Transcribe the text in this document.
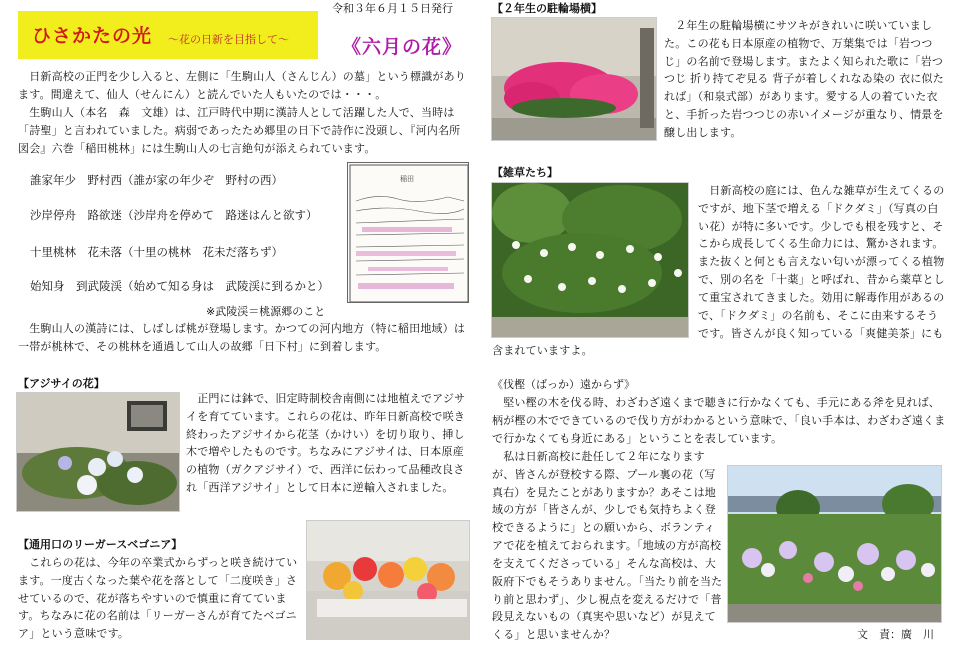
ひさかたの光 〜花の日新を目指して〜
令和３年６月１５日発行
《六月の花》
　日新高校の正門を少し入ると、左側に「生駒山人（さんじん）の墓」という標識があります。間違えて、仙人（せんにん）と読んでいた人もいたのでは・・・。
　生駒山人（本名　森　文雄）は、江戸時代中期に漢詩人として活躍した人で、当時は「詩聖」と言われていました。病弱であったため郷里の日下で詩作に没頭し、『河内名所図会』六巻「稲田桃林」には生駒山人の七言絶句が添えられています。
誰家年少　野村西（誰が家の年少ぞ　野村の西）
沙岸停舟　路欲迷（沙岸舟を停めて　路迷はんと欲す）
十里桃林　花未落（十里の桃林　花未だ落ちず）
始知身　到武陵渓（始めて知る身は　武陵渓に到るかと）
※武陵渓＝桃源郷のこと
稲田
　生駒山人の漢詩には、しばしば桃が登場します。かつての河内地方（特に稲田地域）は一帯が桃林で、その桃林を通過して山人の故郷「日下村」に到着します。
【アジサイの花】
　正門には鉢で、旧定時制校舎南側には地植えでアジサイを育てています。これらの花は、昨年日新高校で咲き終わったアジサイから花茎（かけい）を切り取り、挿し木で増やしたものです。ちなみにアジサイは、日本原産の植物（ガクアジサイ）で、西洋に伝わって品種改良され「西洋アジサイ」として日本に逆輸入されました。
【通用口のリーガースベゴニア】
　これらの花は、今年の卒業式からずっと咲き続けています。一度古くなった葉や花を落として「二度咲き」させているので、花が落ちやすいので慎重に育てています。ちなみに花の名前は「リーガーさんが育てたベゴニア」という意味です。
【２年生の駐輪場横】
　２年生の駐輪場横にサツキがきれいに咲いていました。この花も日本原産の植物で、万葉集では「岩つつじ」の名前で登場します。またよく知られた歌に「岩つつじ 折り持てぞ見る 背子が着しくれなゐ染の 衣に似たれば」（和泉式部）があります。愛する人の着ていた衣と、手折った岩つつじの赤いイメージが重なり、情景を醸し出します。
【雑草たち】
　日新高校の庭には、色んな雑草が生えてくるのですが、地下茎で増える「ドクダミ」（写真の白い花）が特に多いです。少しでも根を残すと、そこから成長してくる生命力には、驚かされます。また抜くと何とも言えない匂いが漂ってくる植物で、別の名を「十薬」と呼ばれ、昔から薬草として重宝されてきました。効用に解毒作用があるので、「ドクダミ」の名前も、そこに由来するそうです。皆さんが良く知っている「爽健美茶」にも含まれていますよ。
《伐樫（ばっか）遠からず》
　堅い樫の木を伐る時、わざわざ遠くまで聴きに行かなくても、手元にある斧を見れば、柄が樫の木でできているので伐り方がわかるという意味で、「良い手本は、わざわざ遠くまで行かなくても身近にある」ということを表しています。
　私は日新高校に赴任して２年になりますが、皆さんが登校する際、プール裏の花（写真右）を見たことがありますか？あそこは地域の方が「皆さんが、少しでも気持ちよく登校できるように」との願いから、ボランティアで花を植えておられます。「地域の方が高校を支えてくださっている」そんな高校は、大阪府下でもそうありません。「当たり前を当たり前と思わず」、少し視点を変えるだけで「普段見えないもの（真実や思いなど）が見えてくる」と思いませんか？	文　責：廣　川
